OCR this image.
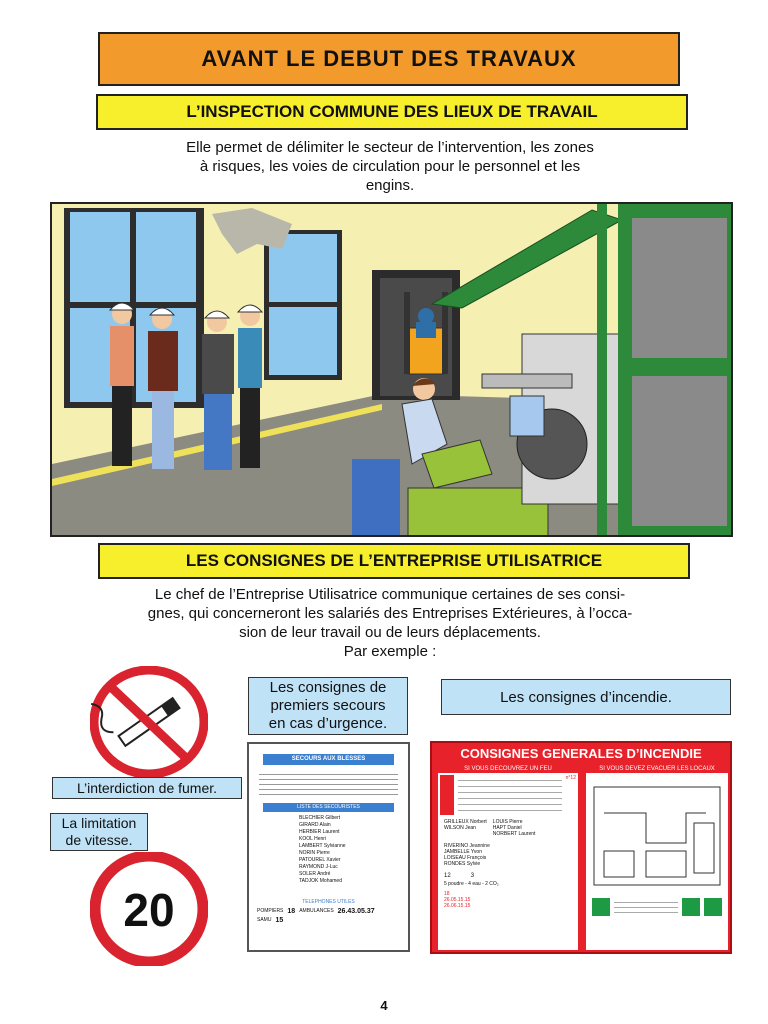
AVANT LE DEBUT DES TRAVAUX
L’INSPECTION COMMUNE DES LIEUX DE TRAVAIL
Elle permet de délimiter le secteur de l’intervention, les zones
à risques, les voies de circulation pour le personnel et les
engins.
LES CONSIGNES DE L’ENTREPRISE UTILISATRICE
Le chef de l’Entreprise Utilisatrice communique certaines de ses consi-
gnes, qui concerneront les salariés des Entreprises Extérieures, à l’occa-
sion de leur travail ou de leurs déplacements.
Par exemple :
20
L’interdiction de fumer.
La limitation
de vitesse.
Les consignes de
premiers secours
en cas d’urgence.
Les consignes d’incendie.
SECOURS AUX BLESSES
LISTE DES SECOURISTES
BLECHIER Gilbert
GIRARD Alain
HERBIER Laurent
KOOL Henri
LAMBERT Sylvianne
NORIN Pierre
PATOUREL Xavier
RAYMOND J-Luc
SOLER André
TADJOK Mohamed
TELEPHONES UTILES
POMPIERS 18 AMBULANCES 26.43.05.37
SAMU 15
CONSIGNES GENERALES D’INCENDIE
SI VOUS DECOUVREZ UN FEU
n°12
GRILLEUX Norbert
WILSON Jean
LOUIS Pierre
HAPT Daniel
NORBERT Laurent
RIVERINO Jeannine
JAMBELLE Yvon
LOISEAU François
RONDES Sylvie
12	3
5 poudre - 4 eau - 2 CO₂
18
26.05.15.15
26.06.15.15
SI VOUS DEVEZ EVACUER LES LOCAUX
4
